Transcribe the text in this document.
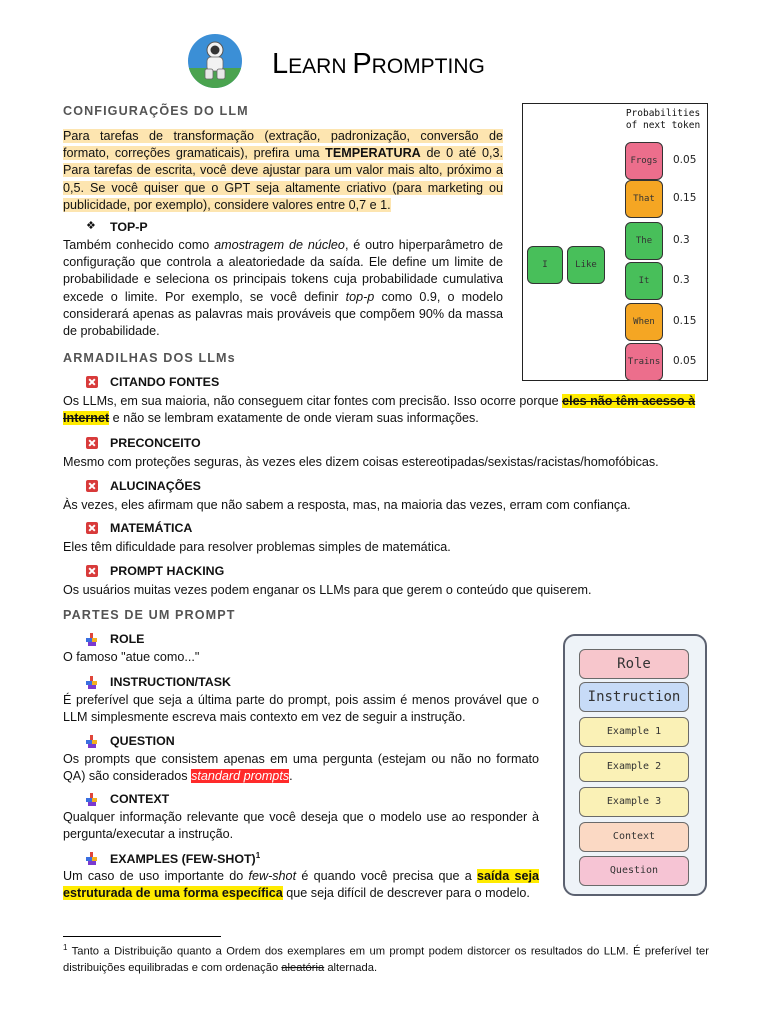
LEARN PROMPTING
CONFIGURAÇÕES DO LLM
Para tarefas de transformação (extração, padronização, conversão de formato, correções gramaticais), prefira uma TEMPERATURA de 0 até 0,3. Para tarefas de escrita, você deve ajustar para um valor mais alto, próximo a 0,5. Se você quiser que o GPT seja altamente criativo (para marketing ou publicidade, por exemplo), considere valores entre 0,7 e 1.
❖ TOP-P
Também conhecido como amostragem de núcleo, é outro hiperparâmetro de configuração que controla a aleatoriedade da saída. Ele define um limite de probabilidade e seleciona os principais tokens cuja probabilidade cumulativa excede o limite. Por exemplo, se você definir top-p como 0.9, o modelo considerará apenas as palavras mais prováveis que compõem 90% da massa de probabilidade.
Probabilities
of next token
I	Like
Frogs	0.05
That	0.15
The	0.3
It	0.3
When	0.15
Trains 0.05
ARMADILHAS DOS LLMs
CITANDO FONTES
Os LLMs, em sua maioria, não conseguem citar fontes com precisão. Isso ocorre porque eles não têm acesso à Internet e não se lembram exatamente de onde vieram suas informações.
PRECONCEITO
Mesmo com proteções seguras, às vezes eles dizem coisas estereotipadas/sexistas/racistas/homofóbicas.
ALUCINAÇÕES
Às vezes, eles afirmam que não sabem a resposta, mas, na maioria das vezes, erram com confiança.
MATEMÁTICA
Eles têm dificuldade para resolver problemas simples de matemática.
PROMPT HACKING
Os usuários muitas vezes podem enganar os LLMs para que gerem o conteúdo que quiserem.
PARTES DE UM PROMPT
ROLE
O famoso "atue como..."
INSTRUCTION/TASK
É preferível que seja a última parte do prompt, pois assim é menos provável que o LLM simplesmente escreva mais contexto em vez de seguir a instrução.
QUESTION
Os prompts que consistem apenas em uma pergunta (estejam ou não no formato QA) são considerados standard prompts.
CONTEXT
Qualquer informação relevante que você deseja que o modelo use ao responder à pergunta/executar a instrução.
EXAMPLES (FEW-SHOT)$^1$
Um caso de uso importante do few-shot é quando você precisa que a saída seja estruturada de uma forma específica que seja difícil de descrever para o modelo.
Role
Instruction
Example 1
Example 2
Example 3
Context
Question
$^1$ Tanto a Distribuição quanto a Ordem dos exemplares em um prompt podem distorcer os resultados do LLM. É preferível ter distribuições equilibradas e com ordenação aleatória alternada.
